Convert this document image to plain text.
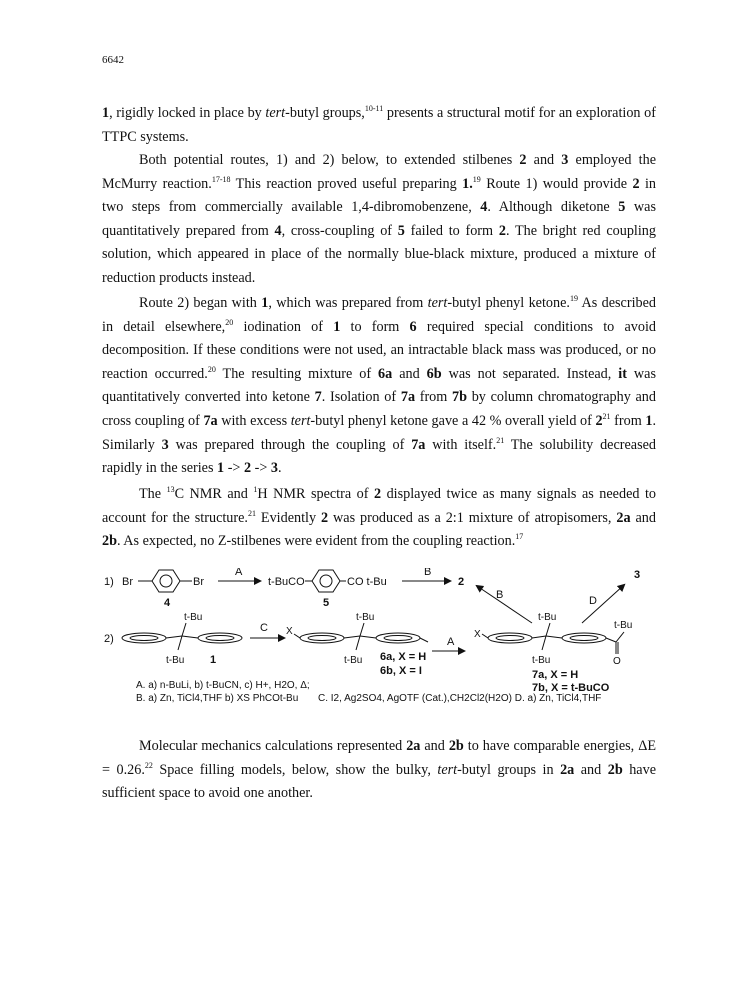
6642

1, rigidly locked in place by tert-butyl groups,$^{10-11}$ presents a structural motif for an exploration of TTPC systems.

Both potential routes, 1) and 2) below, to extended stilbenes 2 and 3 employed the McMurry reaction.$^{17-18}$ This reaction proved useful preparing 1.19 Route 1) would provide 2 in two steps from commercially available 1,4-dibromobenzene, 4. Although diketone 5 was quantitatively prepared from 4, cross-coupling of 5 failed to form 2. The bright red coupling solution, which appeared in place of the normally blue-black mixture, produced a mixture of reduction products instead.

Route 2) began with 1, which was prepared from tert-butyl phenyl ketone.$^{19}$ As described in detail elsewhere,$^{20}$ iodination of 1 to form 6 required special conditions to avoid decomposition. If these conditions were not used, an intractable black mass was produced, or no reaction occurred.$^{20}$ The resulting mixture of 6a and 6b was not separated. Instead, it was quantitatively converted into ketone 7. Isolation of 7a from 7b by column chromatography and cross coupling of 7a with excess tert-butyl phenyl ketone gave a 42 % overall yield of $2^{21}$ from 1. Similarly 3 was prepared through the coupling of 7a with itself.$^{21}$ The solubility decreased rapidly in the series 1 -> 2 -> 3.

The $^{13}$C NMR and $^1$H NMR spectra of 2 displayed twice as many signals as needed to account for the structure.$^{21}$ Evidently 2 was produced as a 2:1 mixture of atropisomers, 2a and 2b. As expected, no Z-stilbenes were evident from the coupling reaction.$^{17}$

1) Br	Br
A
t-BuCO	CO t-Bu
B
2
4	5
3
B	D
2)
t-Bu
t-Bu 1
C X
t-Bu
t-Bu 6a, X = H
6b, X = I
A
X
t-Bu
t-Bu
O
t-Bu
7a, X = H
7b, X = t-BuCO
A. a) n-BuLi, b) t-BuCN, c) H+, H2O, Δ;
B. a) Zn, TiCl4,THF b) XS PhCOt-Bu C. I2, Ag2SO4, AgOTF (Cat.),CH2Cl2(H2O) D. a) Zn, TiCl4,THF

Molecular mechanics calculations represented 2a and 2b to have comparable energies, ΔE = 0.26.22 Space filling models, below, show the bulky, tert-butyl groups in 2a and 2b have sufficient space to avoid one another.
